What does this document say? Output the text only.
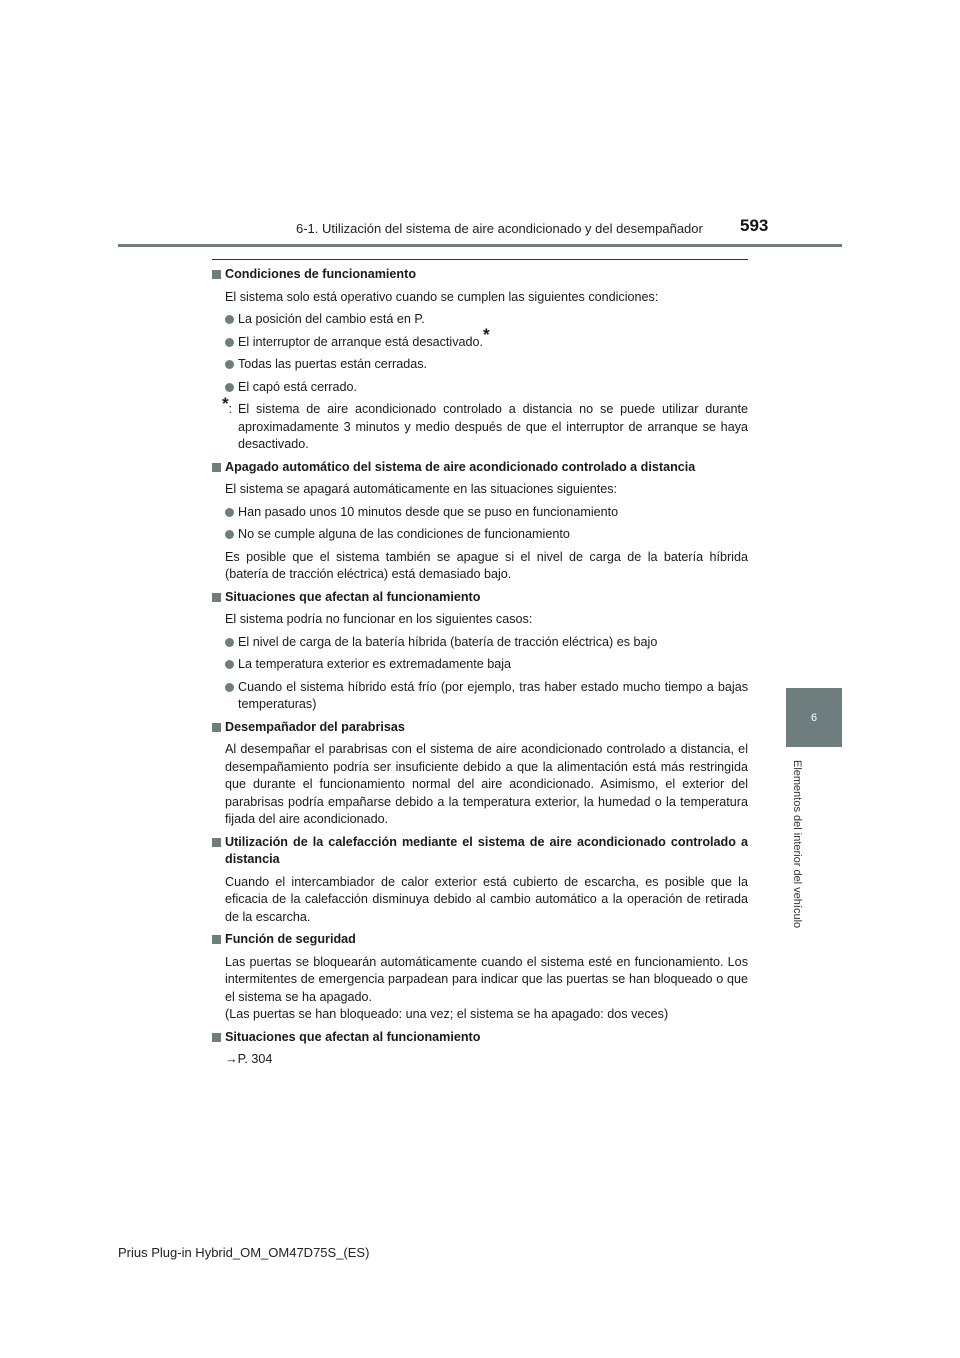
6-1. Utilización del sistema de aire acondicionado y del desempañador	593
6
Elementos del interior del vehículo
Condiciones de funcionamiento

El sistema solo está operativo cuando se cumplen las siguientes condiciones:

La posición del cambio está en P.

El interruptor de arranque está desactivado.*

Todas las puertas están cerradas.

El capó está cerrado.

*: El sistema de aire acondicionado controlado a distancia no se puede utilizar durante aproximadamente 3 minutos y medio después de que el interruptor de arranque se haya desactivado.

Apagado automático del sistema de aire acondicionado controlado a distancia

El sistema se apagará automáticamente en las situaciones siguientes:

Han pasado unos 10 minutos desde que se puso en funcionamiento

No se cumple alguna de las condiciones de funcionamiento

Es posible que el sistema también se apague si el nivel de carga de la batería híbrida (batería de tracción eléctrica) está demasiado bajo.

Situaciones que afectan al funcionamiento

El sistema podría no funcionar en los siguientes casos:

El nivel de carga de la batería híbrida (batería de tracción eléctrica) es bajo

La temperatura exterior es extremadamente baja

Cuando el sistema híbrido está frío (por ejemplo, tras haber estado mucho tiempo a bajas temperaturas)

Desempañador del parabrisas

Al desempañar el parabrisas con el sistema de aire acondicionado controlado a distancia, el desempañamiento podría ser insuficiente debido a que la alimentación está más restringida que durante el funcionamiento normal del aire acondicionado. Asimismo, el exterior del parabrisas podría empañarse debido a la temperatura exterior, la humedad o la temperatura fijada del aire acondicionado.

Utilización de la calefacción mediante el sistema de aire acondicionado controlado a distancia

Cuando el intercambiador de calor exterior está cubierto de escarcha, es posible que la eficacia de la calefacción disminuya debido al cambio automático a la operación de retirada de la escarcha.

Función de seguridad

Las puertas se bloquearán automáticamente cuando el sistema esté en funcionamiento. Los intermitentes de emergencia parpadean para indicar que las puertas se han bloqueado o que el sistema se ha apagado.

(Las puertas se han bloqueado: una vez; el sistema se ha apagado: dos veces)

Situaciones que afectan al funcionamiento

→P. 304

Prius Plug-in Hybrid_OM_OM47D75S_(ES)
